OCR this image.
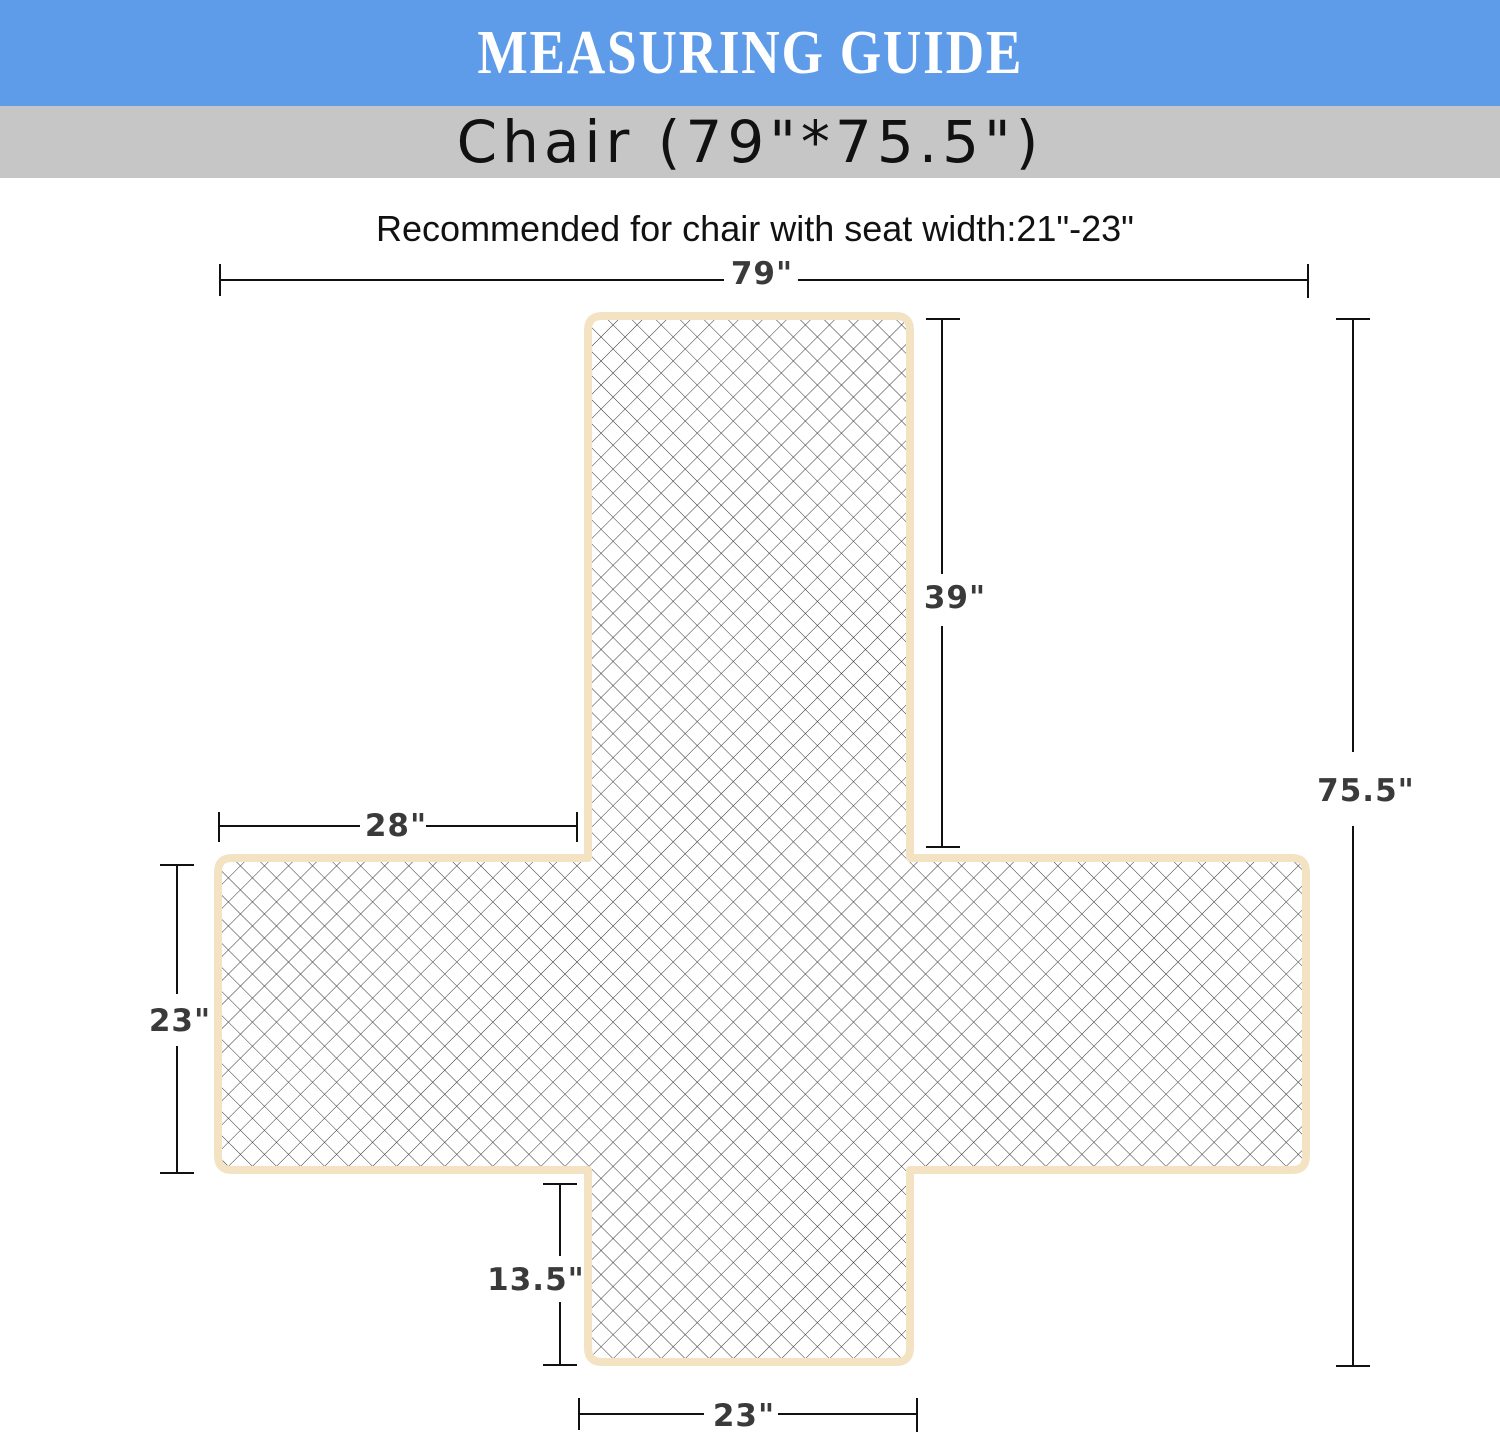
MEASURING GUIDE
Chair (79"*75.5")
Recommended for chair with seat width:21"-23"
79"
39"
75.5"
28"
23"
13.5"
23"
